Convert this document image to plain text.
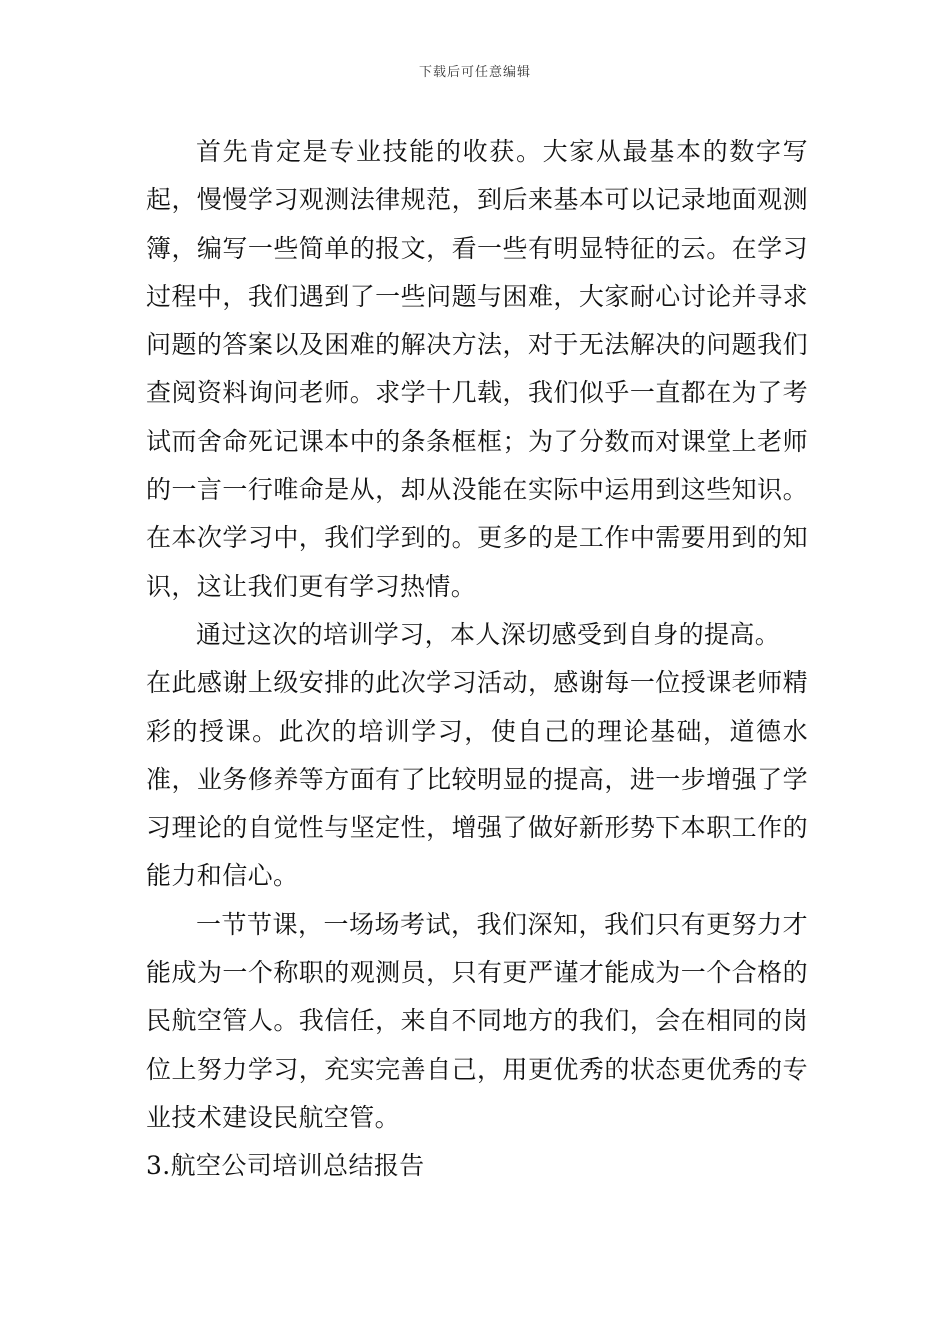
下载后可任意编辑

首先肯定是专业技能的收获。大家从最基本的数字写起，慢慢学习观测法律规范，到后来基本可以记录地面观测簿，编写一些简单的报文，看一些有明显特征的云。在学习过程中，我们遇到了一些问题与困难，大家耐心讨论并寻求问题的答案以及困难的解决方法，对于无法解决的问题我们查阅资料询问老师。求学十几载，我们似乎一直都在为了考试而舍命死记课本中的条条框框；为了分数而对课堂上老师的一言一行唯命是从，却从没能在实际中运用到这些知识。在本次学习中，我们学到的。更多的是工作中需要用到的知识，这让我们更有学习热情。

通过这次的培训学习，本人深切感受到自身的提高。

在此感谢上级安排的此次学习活动，感谢每一位授课老师精彩的授课。此次的培训学习，使自己的理论基础，道德水准，业务修养等方面有了比较明显的提高，进一步增强了学习理论的自觉性与坚定性，增强了做好新形势下本职工作的能力和信心。

一节节课，一场场考试，我们深知，我们只有更努力才能成为一个称职的观测员，只有更严谨才能成为一个合格的民航空管人。我信任，来自不同地方的我们，会在相同的岗位上努力学习，充实完善自己，用更优秀的状态更优秀的专业技术建设民航空管。

3.航空公司培训总结报告
